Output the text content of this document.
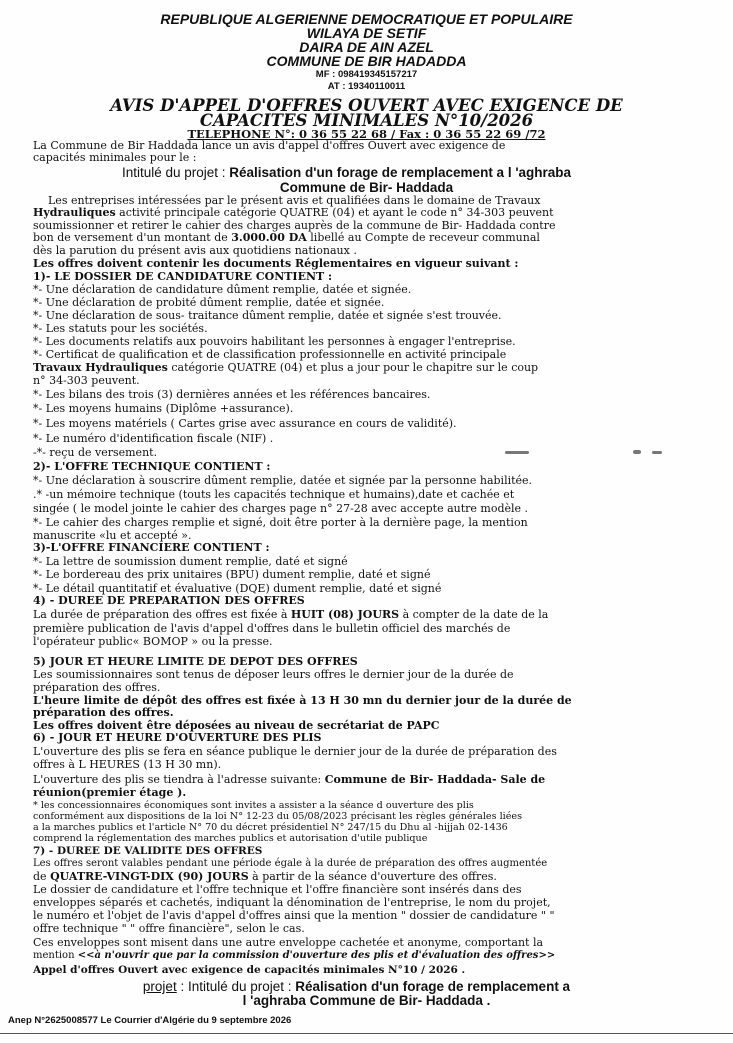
REPUBLIQUE ALGERIENNE DEMOCRATIQUE ET POPULAIRE
WILAYA DE SETIF
DAIRA DE AIN AZEL
COMMUNE DE BIR HADADDA
MF : 098419345157217
AT : 19340110011
AVIS D'APPEL D'OFFRES OUVERT AVEC EXIGENCE DE
CAPACITES MINIMALES N°10/2026
TELEPHONE N°: 0 36 55 22 68 / Fax : 0 36 55 22 69 /72
La Commune de Bir Haddada lance un avis d'appel d'offres Ouvert avec exigence de
capacités minimales pour le :
Intitulé du projet : Réalisation d'un forage de remplacement a l 'aghraba
Commune de Bir- Haddada
Les entreprises intéressées par le présent avis et qualifiées dans le domaine de Travaux
Hydrauliques activité principale catégorie QUATRE (04) et ayant le code n° 34-303 peuvent
soumissionner et retirer le cahier des charges auprès de la commune de Bir- Haddada contre
bon de versement d'un montant de 3.000.00 DA libellé au Compte de receveur communal
dès la parution du présent avis aux quotidiens nationaux .
Les offres doivent contenir les documents Réglementaires en vigueur suivant :
1)- LE DOSSIER DE CANDIDATURE CONTIENT :
*- Une déclaration de candidature dûment remplie, datée et signée.
*- Une déclaration de probité dûment remplie, datée et signée.
*- Une déclaration de sous- traitance dûment remplie, datée et signée s'est trouvée.
*- Les statuts pour les sociétés.
*- Les documents relatifs aux pouvoirs habilitant les personnes à engager l'entreprise.
*- Certificat de qualification et de classification professionnelle en activité principale
Travaux Hydrauliques catégorie QUATRE (04) et plus a jour pour le chapitre sur le coup
n° 34-303 peuvent.
*- Les bilans des trois (3) dernières années et les références bancaires.
*- Les moyens humains (Diplôme +assurance).
*- Les moyens matériels ( Cartes grise avec assurance en cours de validité).
*- Le numéro d'identification fiscale (NIF) .
-*- reçu de versement.
2)- L'OFFRE TECHNIQUE CONTIENT :
*- Une déclaration à souscrire dûment remplie, datée et signée par la personne habilitée.
.* -un mémoire technique (touts les capacités technique et humains),date et cachée et
singée ( le model jointe le cahier des charges page n° 27-28 avec accepte autre modèle .
*- Le cahier des charges remplie et signé, doit être porter à la dernière page, la mention
manuscrite «lu et accepté ».
3)-L'OFFRE FINANCIERE CONTIENT :
*- La lettre de soumission dument remplie, daté et signé
*- Le bordereau des prix unitaires (BPU) dument remplie, daté et signé
*- Le détail quantitatif et évaluative (DQE) dument remplie, daté et signé
4) - DUREE DE PREPARATION DES OFFRES
La durée de préparation des offres est fixée à HUIT (08) JOURS à compter de la date de la
première publication de l'avis d'appel d'offres dans le bulletin officiel des marchés de
l'opérateur public« BOMOP » ou la presse.
5) JOUR ET HEURE LIMITE DE DEPOT DES OFFRES
Les soumissionnaires sont tenus de déposer leurs offres le dernier jour de la durée de
préparation des offres.
L'heure limite de dépôt des offres est fixée à 13 H 30 mn du dernier jour de la durée de
préparation des offres.
Les offres doivent être déposées au niveau de secrétariat de PAPC
6) - JOUR ET HEURE D'OUVERTURE DES PLIS
L'ouverture des plis se fera en séance publique le dernier jour de la durée de préparation des
offres à L HEURES (13 H 30 mn).
L'ouverture des plis se tiendra à l'adresse suivante: Commune de Bir- Haddada- Sale de
réunion(premier étage ).
* les concessionnaires économiques sont invites a assister a la séance d ouverture des plis
conformément aux dispositions de la loi N° 12-23 du 05/08/2023 précisant les règles générales liées
a la marches publics et l'article N° 70 du décret présidentiel N° 247/15 du Dhu al -hijjah 02-1436
comprend la réglementation des marches publics et autorisation d'utile publique
7) - DUREE DE VALIDITE DES OFFRES
Les offres seront valables pendant une période égale à la durée de préparation des offres augmentée
de QUATRE-VINGT-DIX (90) JOURS à partir de la séance d'ouverture des offres.
Le dossier de candidature et l'offre technique et l'offre financière sont insérés dans des
enveloppes séparés et cachetés, indiquant la dénomination de l'entreprise, le nom du projet,
le numéro et l'objet de l'avis d'appel d'offres ainsi que la mention " dossier de candidature " "
offre technique " " offre financière", selon le cas.
Ces enveloppes sont misent dans une autre enveloppe cachetée et anonyme, comportant la
mention <<à n'ouvrir que par la commission d'ouverture des plis et d'évaluation des offres>>
Appel d'offres Ouvert avec exigence de capacités minimales N°10 / 2026 .
projet : Intitulé du projet : Réalisation d'un forage de remplacement a
l 'aghraba Commune de Bir- Haddada .
Anep N°2625008577 Le Courrier d'Algérie du 9 septembre 2026
